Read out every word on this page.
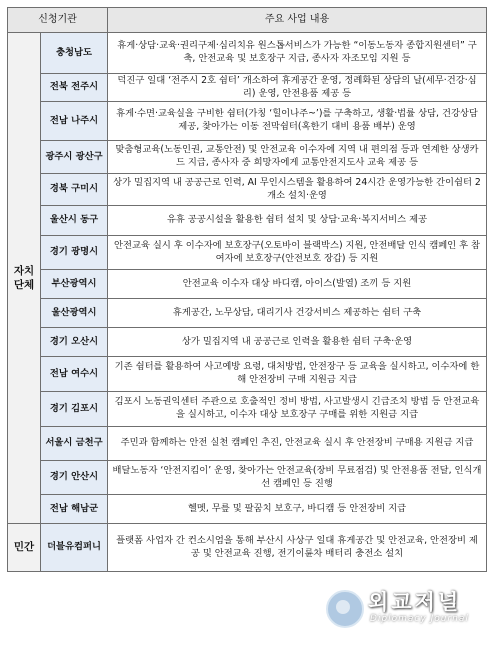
신청기관		주요 사업 내용
자치
단체	충청남도	휴게·상담·교육·권리구제·심리치유 원스톱서비스가 가능한 “이동노동자 종합지원센터” 구축, 안전교육 및 보호장구 지급, 종사자 자조모임 지원 등
	전북 전주시	덕진구 일대 ‘전주시 2호 쉼터’ 개소하여 휴게공간 운영, 정례화된 상담의 날(세무·건강·심리) 운영, 안전용품 제공 등
	전남 나주시	휴게·수면·교육실을 구비한 쉼터(가칭 ‘힐이나주~’)를 구축하고, 생활·법률 상담, 건강상담 제공, 찾아가는 이동 전막쉼터(혹한기 대비 용품 배부) 운영
	광주시 광산구	맞춤형교육(노동인권, 교통안전) 및 안전교육 이수자에 지역 내 편의점 등과 연계한 상생카드 지급, 종사자 중 희망자에게 교통안전지도사 교육 제공 등
	경북 구미시	상가 밀집지역 내 공공근로 인력, AI 무인시스템을 활용하여 24시간 운영가능한 간이쉼터 2개소 설치·운영
	울산시 동구	유휴 공공시설을 활용한 쉼터 설치 및 상담·교육·복지서비스 제공
	경기 광명시	안전교육 실시 후 이수자에 보호장구(오토바이 블랙박스) 지원, 안전배달 인식 캠페인 후 참여자에 보호장구(안전보호 장갑) 등 지원
	부산광역시	안전교육 이수자 대상 바디캠, 아이스(발열) 조끼 등 지원
	울산광역시	휴게공간, 노무상담, 대리기사 건강서비스 제공하는 쉼터 구축
	경기 오산시	상가 밀집지역 내 공공근로 인력을 활용한 쉼터 구축·운영
	전남 여수시	기존 쉼터를 활용하여 사고예방 요령, 대처방법, 안전장구 등 교육을 실시하고, 이수자에 한해 안전장비 구매 지원금 지급
	경기 김포시	김포시 노동권익센터 주관으로 호출적인 정비 방법, 사고발생시 긴급조치 방법 등 안전교육을 실시하고, 이수자 대상 보호장구 구매를 위한 지원금 지급
	서울시 금천구	주민과 함께하는 안전 실천 캠페인 추진, 안전교육 실시 후 안전장비 구매용 지원금 지급
	경기 안산시	배달노동자 ‘안전지킴이’ 운영, 찾아가는 안전교육(장비 무료점검) 및 안전용품 전달, 인식개선 캠페인 등 진행
	전남 해남군	헬멧, 무릎 및 팔꿈치 보호구, 바디캠 등 안전장비 지급
민간	더블유컴퍼니	플랫폼 사업자 간 컨소시엄을 통해 부산시 사상구 일대 휴게공간 및 안전교육, 안전장비 제공 및 안전교육 진행, 전기이륜차 배터리 충전소 설치
외교저널
Diplomacy Journal
